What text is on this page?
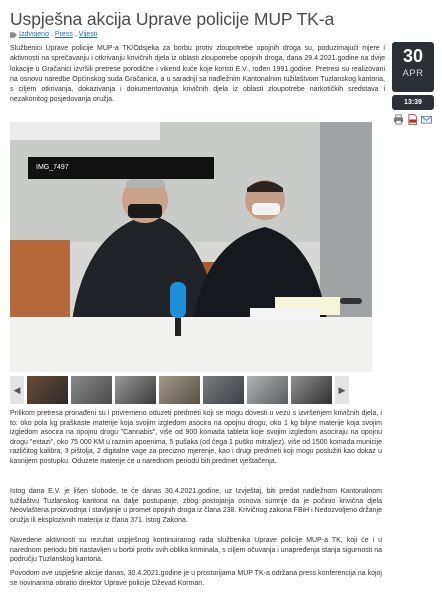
Uspješna akcija Uprave policije MUP TK-a
Izdvojeno , Press , Vijesti
30
APR
13:39

Službenici Uprave policije MUP-a TK/Odsjeka za borbu protiv zloupotrebe opojnih droga su, poduzimajući mjere i aktivnosti na sprečavanju i otkrivanju krivičnih djela iz oblasti zloupotrebe opojnih droga, dana 29.4.2021.godine na dvije lokacije u Gračanici izvršili pretrese porodične i vikend kuće koje koristi E.V., rođen 1991.godine. Pretresi su realizovani na osnovu naredbe Općinskog suda Gračanica, a u saradnji sa nadležnim Kantonalnim tužilaštvom Tuzlanskog kantona, s ciljem otkrivanja, dokazivanja i dokumentovanja krivičnih djela iz oblasti zloupotrebe narkotičkih sredstava i nezakonitog posjedovanja oružja.

IMG_7497
◀	▶

Prilikom pretresa pronađeni su i privremeno oduzeti predmeti koji se mogu dovesti u vezu s izvršenjem krivičnih djela, i to: oko pola kg praškaste materije koja svojim izgledom asocira na opojnu drogu, oko 1 kg biljne materije koja svojim izgledom asocira na opojnu drogu "Cannabis", više od 900 komada tableta koje svojim izgledom asociraju na opojnu drogu "extazi", oko 75 000 KM u raznim apoenima, 5 pušaka (od čega 1 puško mitraljez), više od 1500 komada municije različitog kalibra, 3 pištolja, 2 digitalne vage za precizno mjerenje, kao i drugi predmeti koji mogu poslužiti kao dokaz u kasnijem postupku. Oduzete materije će u narednom periodu biti predmet vještačenja.

Istog dana E.V. je lišen slobode, te će danas 30.4.2021.godine, uz Izvještaj, biti predat nadležnom Kantonalnom tužilaštvu Tuzlanskog kantona na dalje postupanje, zbog postojanja osnova sumnje da je počinio krivična djela Neovlaštena proizvodnja i stavljanje u promet opojnih droga iz člana 238. Krivičnog zakona FBiH i Nedozvoljeno držanje oružja ili eksplozivnih materija iz člana 371. istog Zakona.

Navedene aktivnosti su rezultat uspješnog kontinuiranog rada službenika Uprave policije MUP-a TK, koji će i u narednom periodu biti nastavljen u borbi protiv svih oblika kriminala, s ciljem očuvanja i unapređenja stanja sigurnosti na području Tuzlanskog kantona.

Povodom ove uspješne akcije danas, 30.4.2021.godine je u prostorijama MUP TK-a održana press konferencija na kojoj se novinarima obratio direktor Uprave policije Dževad Korman.
